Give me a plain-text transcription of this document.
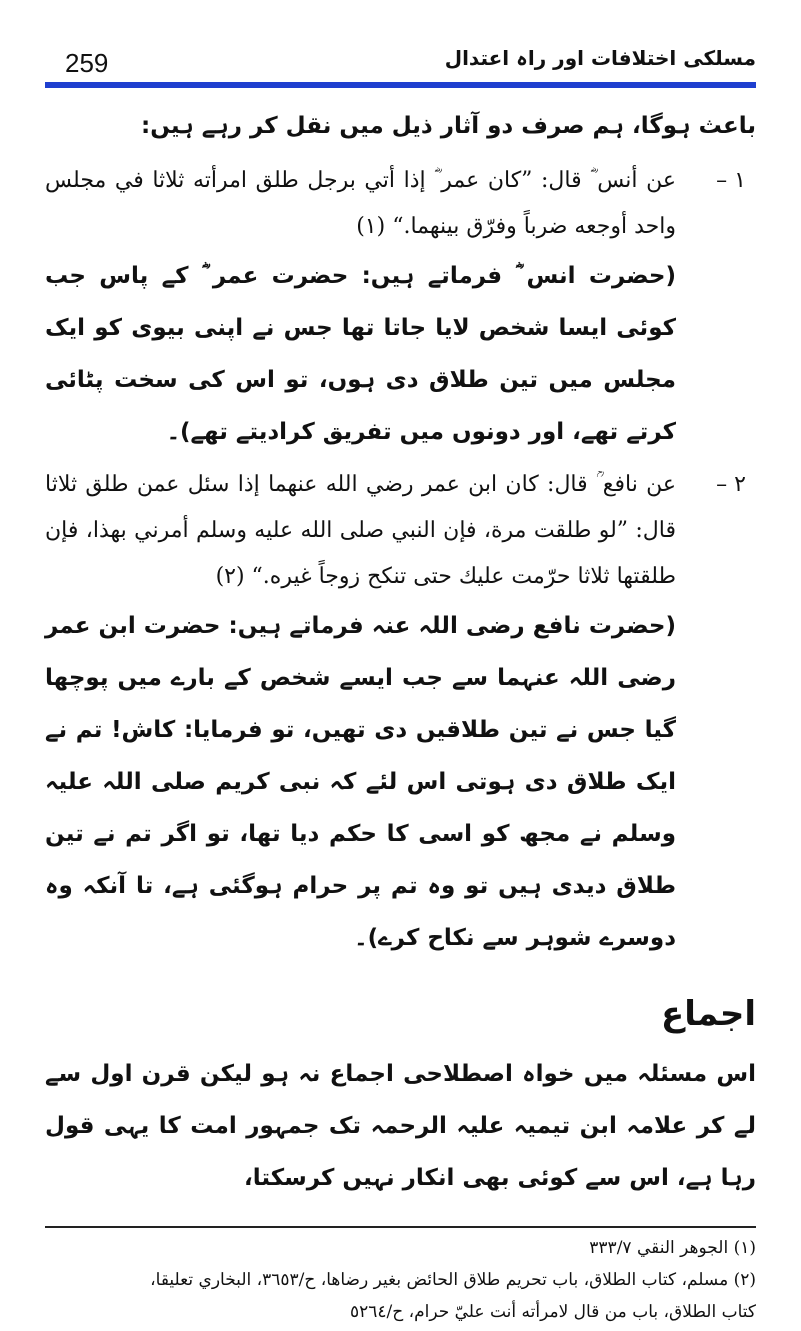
259	مسلکی اختلافات اور راہ اعتدال

باعث ہوگا، ہم صرف دو آثار ذیل میں نقل کر رہے ہیں:

۱ –

عن أنس ؓ قال: ”كان عمر ؓ إذا أتي برجل طلق امرأته ثلاثا في مجلس واحد أوجعه ضرباً وفرّق بينهما.“ (۱)

(حضرت انس ؓ فرماتے ہیں: حضرت عمر ؓ کے پاس جب کوئی ایسا شخص لایا جاتا تھا جس نے اپنی بیوی کو ایک مجلس میں تین طلاق دی ہوں، تو اس کی سخت پٹائی کرتے تھے، اور دونوں میں تفریق کرادیتے تھے)۔

۲ –

عن نافع ؒ قال: كان ابن عمر رضي الله عنهما إذا سئل عمن طلق ثلاثا قال: ”لو طلقت مرة، فإن النبي صلى الله عليه وسلم أمرني بهذا، فإن طلقتها ثلاثا حرّمت عليك حتى تنكح زوجاً غيره.“ (۲)

(حضرت نافع رضی اللہ عنہ فرماتے ہیں: حضرت ابن عمر رضی اللہ عنہما سے جب ایسے شخص کے بارے میں پوچھا گیا جس نے تین طلاقیں دی تھیں، تو فرمایا: کاش! تم نے ایک طلاق دی ہوتی اس لئے کہ نبی کریم صلی اللہ علیہ وسلم نے مجھ کو اسی کا حکم دیا تھا، تو اگر تم نے تین طلاق دیدی ہیں تو وہ تم پر حرام ہوگئی ہے، تا آنکہ وہ دوسرے شوہر سے نکاح کرے)۔

اجماع

اس مسئلہ میں خواہ اصطلاحی اجماع نہ ہو لیکن قرن اول سے لے کر علامہ ابن تیمیہ علیہ الرحمہ تک جمہور امت کا یہی قول رہا ہے، اس سے کوئی بھی انکار نہیں کرسکتا،

(۱) الجوهر النقي ۳۳۳/۷

(۲) مسلم، كتاب الطلاق، باب تحريم طلاق الحائض بغير رضاها، ح/۳٦٥۳، البخاري تعليقا،

كتاب الطلاق، باب من قال لامرأته أنت عليّ حرام، ح/٥۲٦٤
